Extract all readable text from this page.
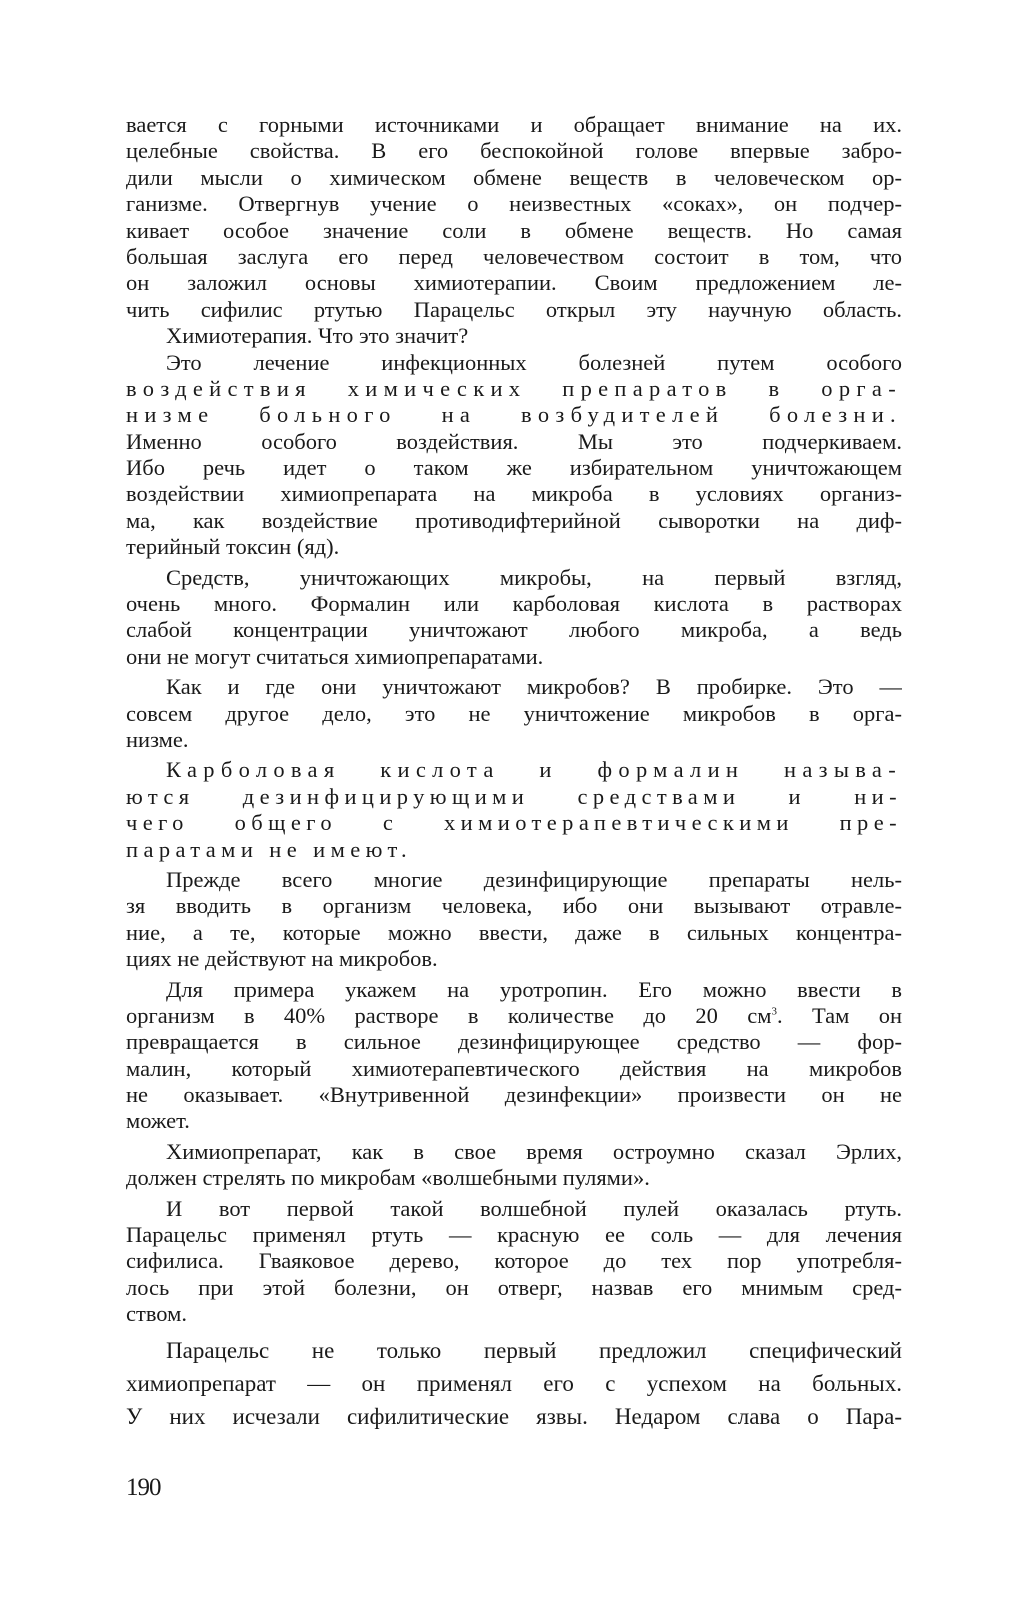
вается с горными источниками и обращает внимание на их.
целебные свойства. В его беспокойной голове впервые забро-
дили мысли о химическом обмене веществ в человеческом ор-
ганизме. Отвергнув учение о неизвестных «соках», он подчер-
кивает особое значение соли в обмене веществ. Но самая
большая заслуга его перед человечеством состоит в том, что
он заложил основы химиотерапии. Своим предложением ле-
чить сифилис ртутью Парацельс открыл эту научную область.
Химиотерапия. Что это значит?
Это лечение инфекционных болезней путем особого
воздействия химических препаратов в орга-
низме больного на возбудителей болезни.
Именно особого воздействия. Мы это подчеркиваем.
Ибо речь идет о таком же избирательном уничтожающем
воздействии химиопрепарата на микроба в условиях организ-
ма, как воздействие противодифтерийной сыворотки на диф-
терийный токсин (яд).
Средств, уничтожающих микробы, на первый взгляд,
очень много. Формалин или карболовая кислота в растворах
слабой концентрации уничтожают любого микроба, а ведь
они не могут считаться химиопрепаратами.
Как и где они уничтожают микробов? В пробирке. Это —
совсем другое дело, это не уничтожение микробов в орга-
низме.
Карболовая кислота и формалин называ-
ются дезинфицирующими средствами и ни-
чего общего с химиотерапевтическими пре-
паратами не имеют.
Прежде всего многие дезинфицирующие препараты нель-
зя вводить в организм человека, ибо они вызывают отравле-
ние, а те, которые можно ввести, даже в сильных концентра-
циях не действуют на микробов.
Для примера укажем на уротропин. Его можно ввести в
организм в 40% растворе в количестве до 20 $см^3$. Там он
превращается в сильное дезинфицирующее средство — фор-
малин, который химиотерапевтического действия на микробов
не оказывает. «Внутривенной дезинфекции» произвести он не
может.
Химиопрепарат, как в свое время остроумно сказал Эрлих,
должен стрелять по микробам «волшебными пулями».
И вот первой такой волшебной пулей оказалась ртуть.
Парацельс применял ртуть — красную ее соль — для лечения
сифилиса. Гваяковое дерево, которое до тех пор употребля-
лось при этой болезни, он отверг, назвав его мнимым сред-
ством.
Парацельс не только первый предложил специфический
химиопрепарат — он применял его с успехом на больных.
У них исчезали сифилитические язвы. Недаром слава о Пара-
190
